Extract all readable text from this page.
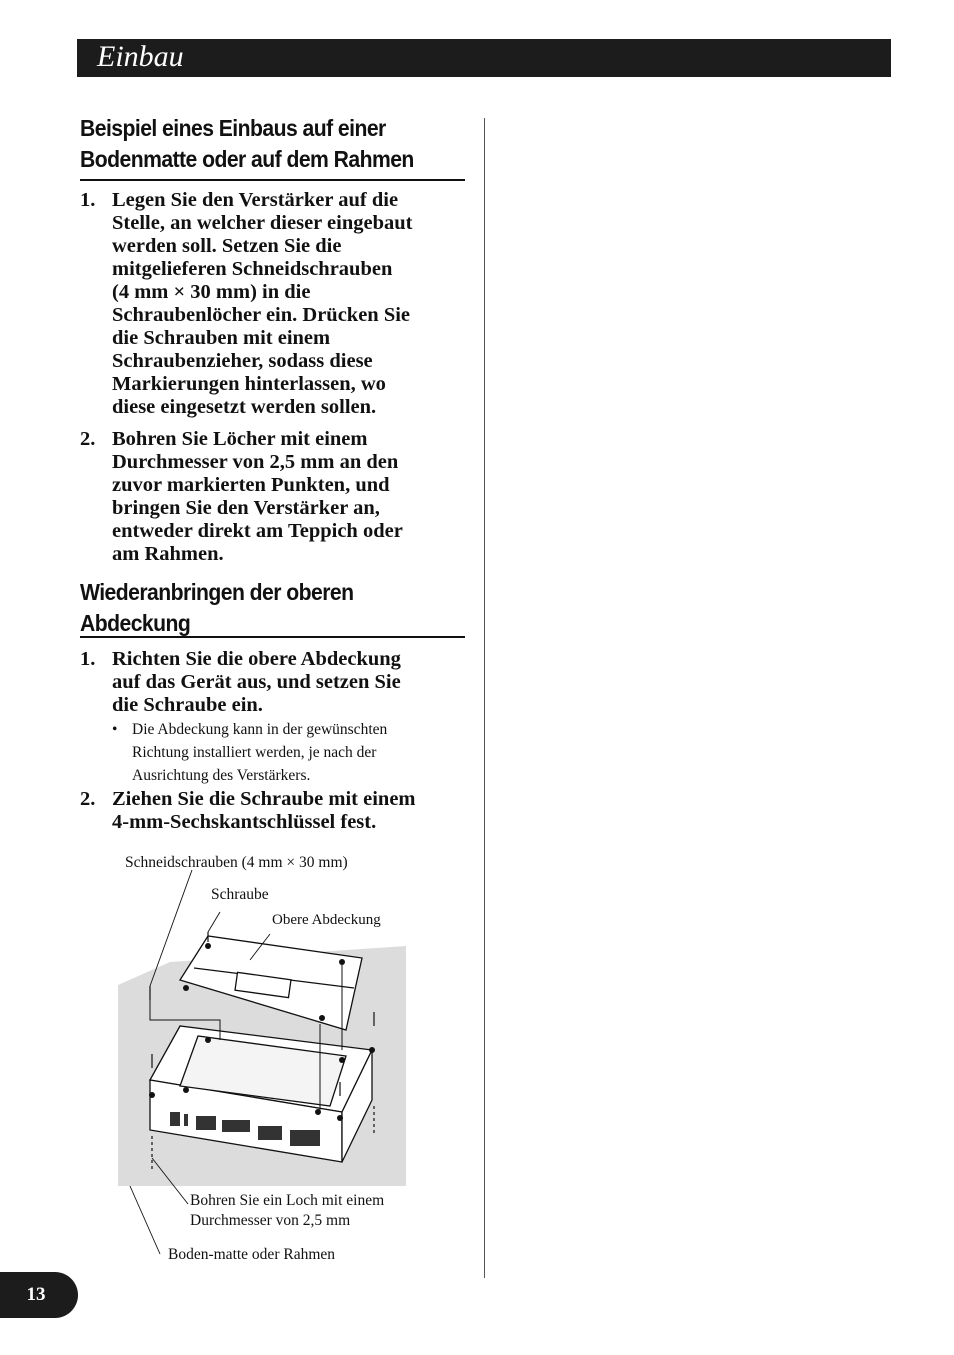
Einbau
Beispiel eines Einbaus auf einer
Bodenmatte oder auf dem Rahmen
1. Legen Sie den Verstärker auf die
Stelle, an welcher dieser eingebaut
werden soll. Setzen Sie die
mitgelieferen Schneidschrauben
(4 mm × 30 mm) in die
Schraubenlöcher ein. Drücken Sie
die Schrauben mit einem
Schraubenzieher, sodass diese
Markierungen hinterlassen, wo
diese eingesetzt werden sollen.
2. Bohren Sie Löcher mit einem
Durchmesser von 2,5 mm an den
zuvor markierten Punkten, und
bringen Sie den Verstärker an,
entweder direkt am Teppich oder
am Rahmen.
Wiederanbringen der oberen
Abdeckung
1. Richten Sie die obere Abdeckung
auf das Gerät aus, und setzen Sie
die Schraube ein.
• Die Abdeckung kann in der gewünschten
Richtung installiert werden, je nach der
Ausrichtung des Verstärkers.
2. Ziehen Sie die Schraube mit einem
4-mm-Sechskantschlüssel fest.
Schneidschrauben (4 mm × 30 mm)
Schraube
Obere Abdeckung
Bohren Sie ein Loch mit einem
Durchmesser von 2,5 mm
Boden-matte oder Rahmen
13
